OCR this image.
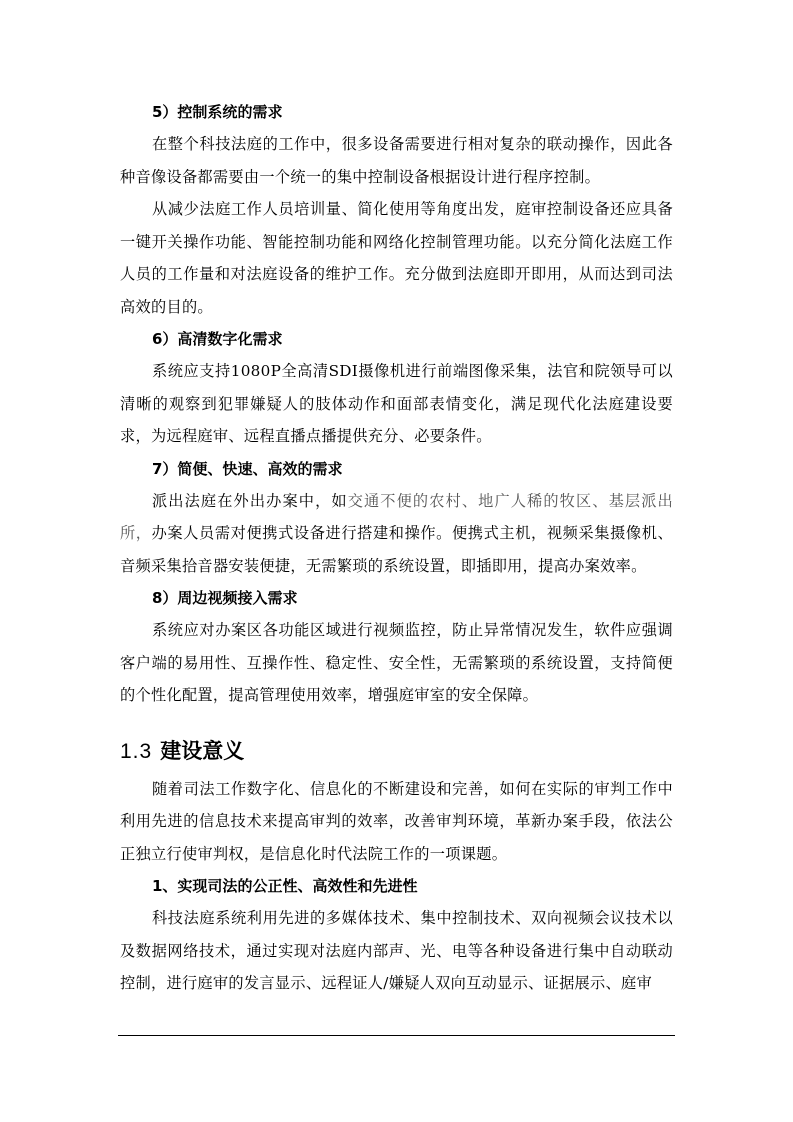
5）控制系统的需求

在整个科技法庭的工作中，很多设备需要进行相对复杂的联动操作，因此各种音像设备都需要由一个统一的集中控制设备根据设计进行程序控制。

从减少法庭工作人员培训量、简化使用等角度出发，庭审控制设备还应具备一键开关操作功能、智能控制功能和网络化控制管理功能。以充分简化法庭工作人员的工作量和对法庭设备的维护工作。充分做到法庭即开即用，从而达到司法高效的目的。

6）高清数字化需求

系统应支持1080P全高清SDI摄像机进行前端图像采集，法官和院领导可以清晰的观察到犯罪嫌疑人的肢体动作和面部表情变化，满足现代化法庭建设要求，为远程庭审、远程直播点播提供充分、必要条件。

7）简便、快速、高效的需求

派出法庭在外出办案中，如交通不便的农村、地广人稀的牧区、基层派出所，办案人员需对便携式设备进行搭建和操作。便携式主机，视频采集摄像机、音频采集拾音器安装便捷，无需繁琐的系统设置，即插即用，提高办案效率。

8）周边视频接入需求

系统应对办案区各功能区域进行视频监控，防止异常情况发生，软件应强调客户端的易用性、互操作性、稳定性、安全性，无需繁琐的系统设置，支持简便的个性化配置，提高管理使用效率，增强庭审室的安全保障。

1.3 建设意义

随着司法工作数字化、信息化的不断建设和完善，如何在实际的审判工作中利用先进的信息技术来提高审判的效率，改善审判环境，革新办案手段，依法公正独立行使审判权，是信息化时代法院工作的一项课题。

1、实现司法的公正性、高效性和先进性

科技法庭系统利用先进的多媒体技术、集中控制技术、双向视频会议技术以及数据网络技术，通过实现对法庭内部声、光、电等各种设备进行集中自动联动控制，进行庭审的发言显示、远程证人/嫌疑人双向互动显示、证据展示、庭审
